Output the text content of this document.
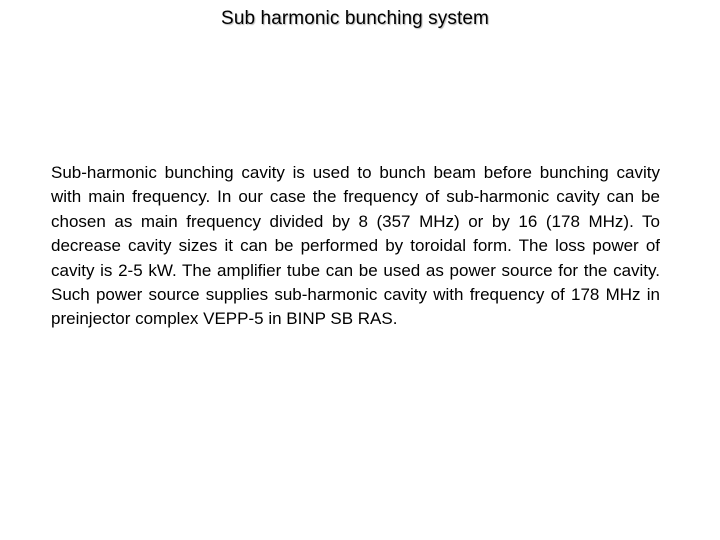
Sub harmonic bunching system

Sub-harmonic bunching cavity is used to bunch beam before bunching cavity with main frequency. In our case the frequency of sub-harmonic cavity can be chosen as main frequency divided by 8 (357 MHz) or by 16 (178 MHz). To decrease cavity sizes it can be performed by toroidal form. The loss power of cavity is 2-5 kW. The amplifier tube can be used as power source for the cavity. Such power source supplies sub-harmonic cavity with frequency of 178 MHz in preinjector complex VEPP-5 in BINP SB RAS.
